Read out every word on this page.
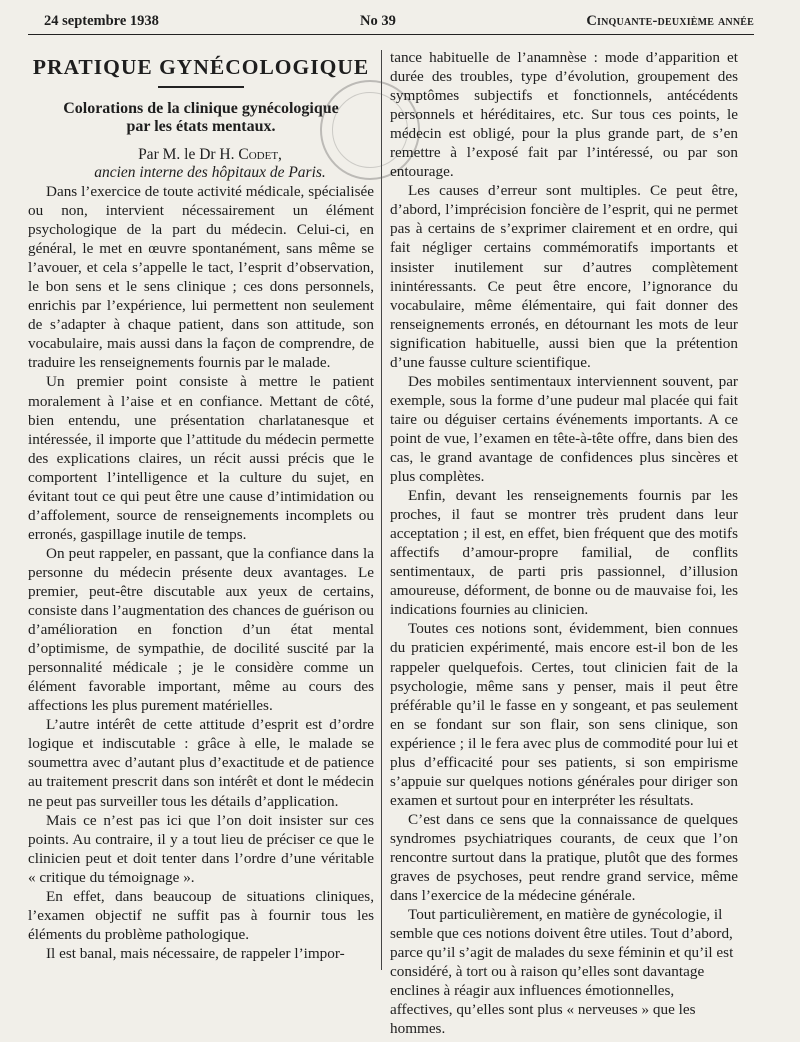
24 septembre 1938	No 39	Cinquante-deuxième année
PRATIQUE GYNÉCOLOGIQUE
Colorations de la clinique gynécologique
par les états mentaux.

Par M. le Dr H. Codet,

ancien interne des hôpitaux de Paris.

Dans l’exercice de toute activité médicale, spécialisée ou non, intervient nécessairement un élément psychologique de la part du médecin. Celui-ci, en général, le met en œuvre spontanément, sans même se l’avouer, et cela s’appelle le tact, l’esprit d’observation, le bon sens et le sens clinique ; ces dons personnels, enrichis par l’expérience, lui permettent non seulement de s’adapter à chaque patient, dans son attitude, son vocabulaire, mais aussi dans la façon de comprendre, de traduire les renseignements fournis par le malade.

Un premier point consiste à mettre le patient moralement à l’aise et en confiance. Mettant de côté, bien entendu, une présentation charlatanesque et intéressée, il importe que l’attitude du médecin permette des explications claires, un récit aussi précis que le comportent l’intelligence et la culture du sujet, en évitant tout ce qui peut être une cause d’intimidation ou d’affolement, source de renseignements incomplets ou erronés, gaspillage inutile de temps.

On peut rappeler, en passant, que la confiance dans la personne du médecin présente deux avantages. Le premier, peut-être discutable aux yeux de certains, consiste dans l’augmentation des chances de guérison ou d’amélioration en fonction d’un état mental d’optimisme, de sympathie, de docilité suscité par la personnalité médicale ; je le considère comme un élément favorable important, même au cours des affections les plus purement matérielles.

L’autre intérêt de cette attitude d’esprit est d’ordre logique et indiscutable : grâce à elle, le malade se soumettra avec d’autant plus d’exactitude et de patience au traitement prescrit dans son intérêt et dont le médecin ne peut pas surveiller tous les détails d’application.

Mais ce n’est pas ici que l’on doit insister sur ces points. Au contraire, il y a tout lieu de préciser ce que le clinicien peut et doit tenter dans l’ordre d’une véritable « critique du témoignage ».

En effet, dans beaucoup de situations cliniques, l’examen objectif ne suffit pas à fournir tous les éléments du problème pathologique.

Il est banal, mais nécessaire, de rappeler l’impor-

tance habituelle de l’anamnèse : mode d’apparition et durée des troubles, type d’évolution, groupement des symptômes subjectifs et fonctionnels, antécédents personnels et héréditaires, etc. Sur tous ces points, le médecin est obligé, pour la plus grande part, de s’en remettre à l’exposé fait par l’intéressé, ou par son entourage.

Les causes d’erreur sont multiples. Ce peut être, d’abord, l’imprécision foncière de l’esprit, qui ne permet pas à certains de s’exprimer clairement et en ordre, qui fait négliger certains commémoratifs importants et insister inutilement sur d’autres complètement inintéressants. Ce peut être encore, l’ignorance du vocabulaire, même élémentaire, qui fait donner des renseignements erronés, en détournant les mots de leur signification habituelle, aussi bien que la prétention d’une fausse culture scientifique.

Des mobiles sentimentaux interviennent souvent, par exemple, sous la forme d’une pudeur mal placée qui fait taire ou déguiser certains événements importants. A ce point de vue, l’examen en tête-à-tête offre, dans bien des cas, le grand avantage de confidences plus sincères et plus complètes.

Enfin, devant les renseignements fournis par les proches, il faut se montrer très prudent dans leur acceptation ; il est, en effet, bien fréquent que des motifs affectifs d’amour-propre familial, de conflits sentimentaux, de parti pris passionnel, d’illusion amoureuse, déforment, de bonne ou de mauvaise foi, les indications fournies au clinicien.

Toutes ces notions sont, évidemment, bien connues du praticien expérimenté, mais encore est-il bon de les rappeler quelquefois. Certes, tout clinicien fait de la psychologie, même sans y penser, mais il peut être préférable qu’il le fasse en y songeant, et pas seulement en se fondant sur son flair, son sens clinique, son expérience ; il le fera avec plus de commodité pour lui et plus d’efficacité pour ses patients, si son empirisme s’appuie sur quelques notions générales pour diriger son examen et surtout pour en interpréter les résultats.

C’est dans ce sens que la connaissance de quelques syndromes psychiatriques courants, de ceux que l’on rencontre surtout dans la pratique, plutôt que des formes graves de psychoses, peut rendre grand service, même dans l’exercice de la médecine générale.

Tout particulièrement, en matière de gynécologie, il semble que ces notions doivent être utiles. Tout d’abord, parce qu’il s’agit de malades du sexe féminin et qu’il est considéré, à tort ou à raison qu’elles sont davantage enclines à réagir aux influences émotionnelles, affectives, qu’elles sont plus « nerveuses » que les hommes.
